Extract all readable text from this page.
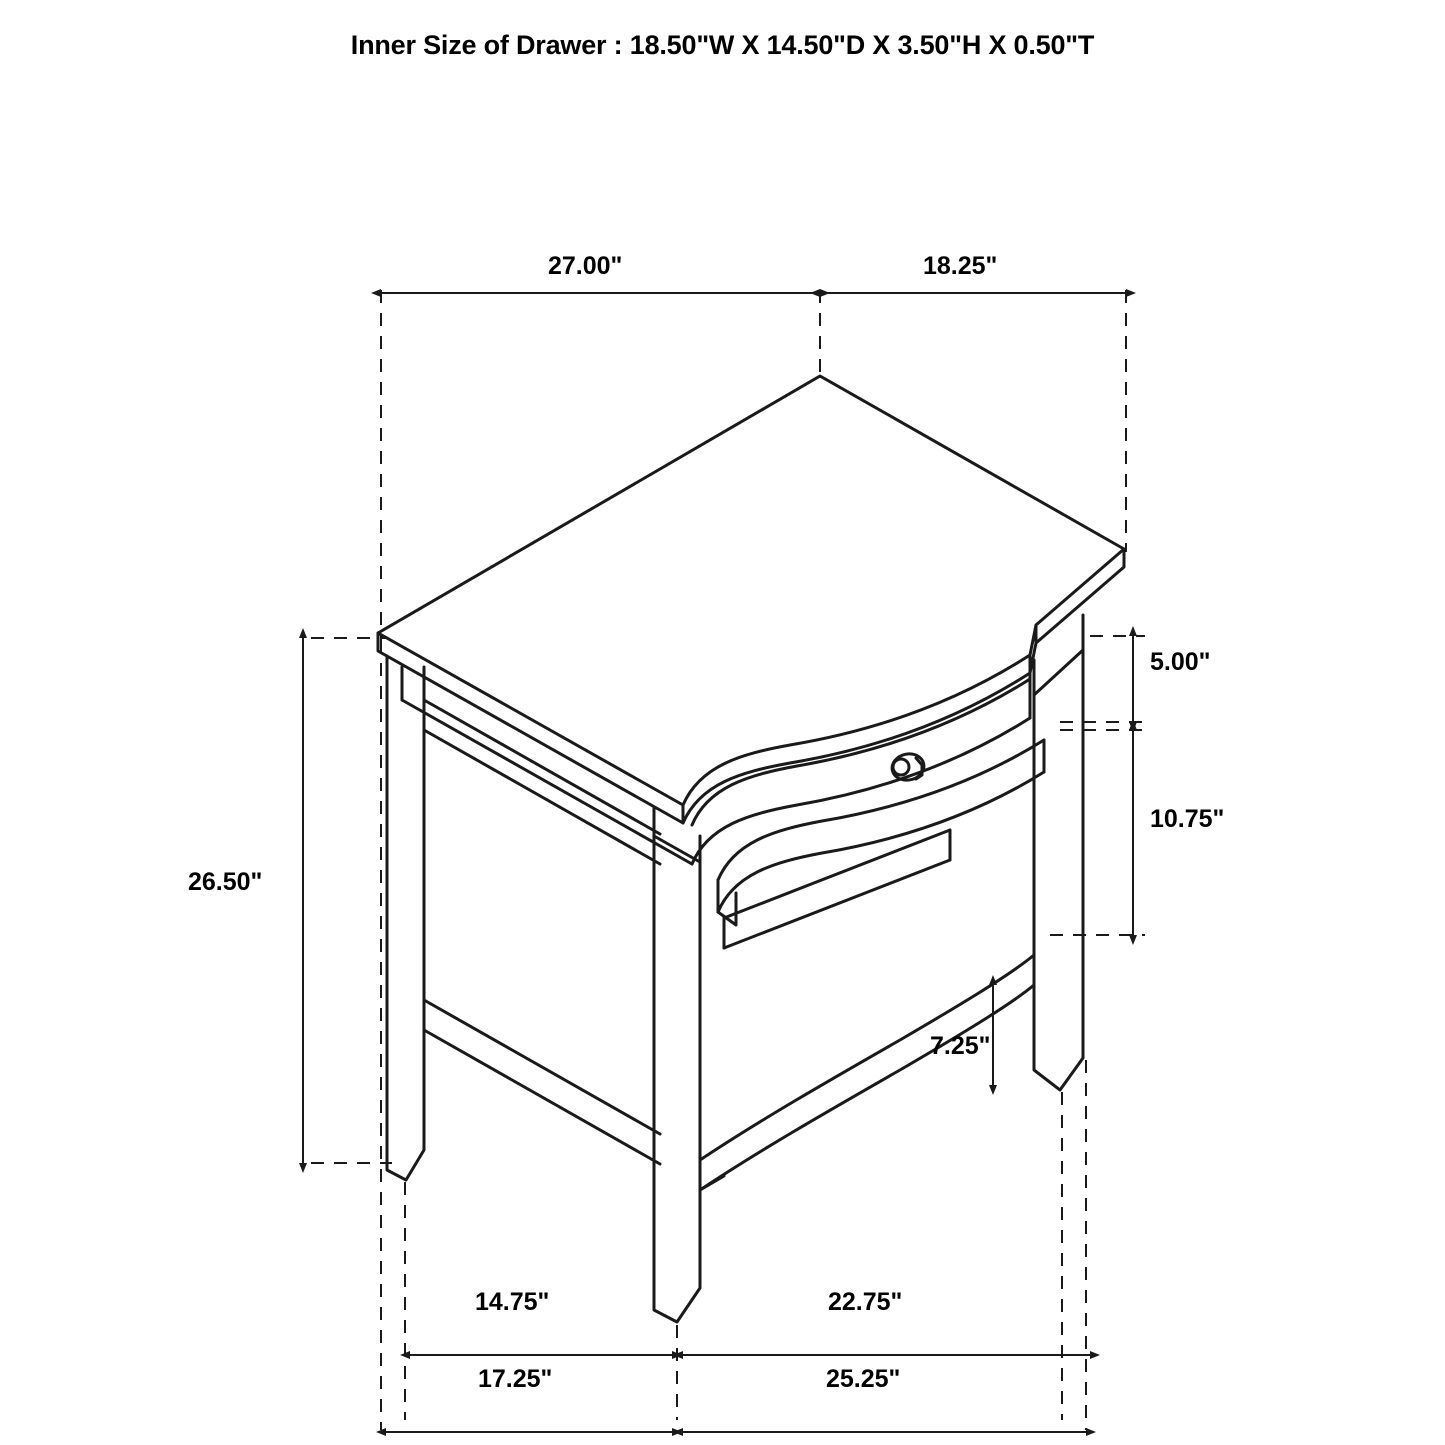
Inner Size of Drawer : 18.50"W X 14.50"D X 3.50"H X 0.50"T
27.00"	18.25"
5.00"
10.75"
26.50"
7.25"
14.75"	22.75"
17.25"	25.25"
